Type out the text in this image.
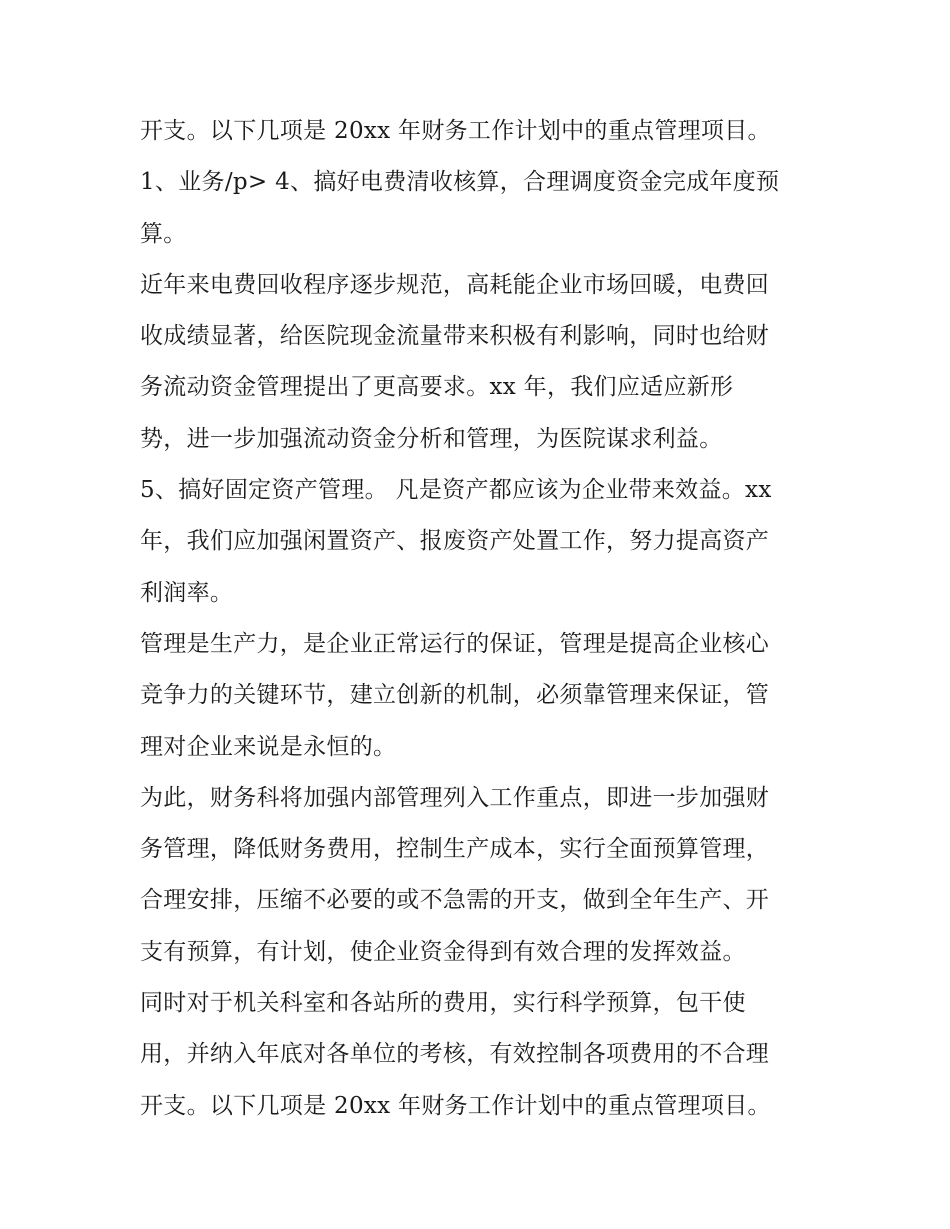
开支。以下几项是 20xx 年财务工作计划中的重点管理项目。
1、业务/p> 4、搞好电费清收核算，合理调度资金完成年度预
算。
近年来电费回收程序逐步规范，高耗能企业市场回暖，电费回
收成绩显著，给医院现金流量带来积极有利影响，同时也给财
务流动资金管理提出了更高要求。xx 年，我们应适应新形
势，进一步加强流动资金分析和管理，为医院谋求利益。
5、搞好固定资产管理。 凡是资产都应该为企业带来效益。xx
年，我们应加强闲置资产、报废资产处置工作，努力提高资产
利润率。
管理是生产力，是企业正常运行的保证，管理是提高企业核心
竞争力的关键环节，建立创新的机制，必须靠管理来保证，管
理对企业来说是永恒的。
为此，财务科将加强内部管理列入工作重点，即进一步加强财
务管理，降低财务费用，控制生产成本，实行全面预算管理，
合理安排，压缩不必要的或不急需的开支，做到全年生产、开
支有预算，有计划，使企业资金得到有效合理的发挥效益。
同时对于机关科室和各站所的费用，实行科学预算，包干使
用，并纳入年底对各单位的考核，有效控制各项费用的不合理
开支。以下几项是 20xx 年财务工作计划中的重点管理项目。
